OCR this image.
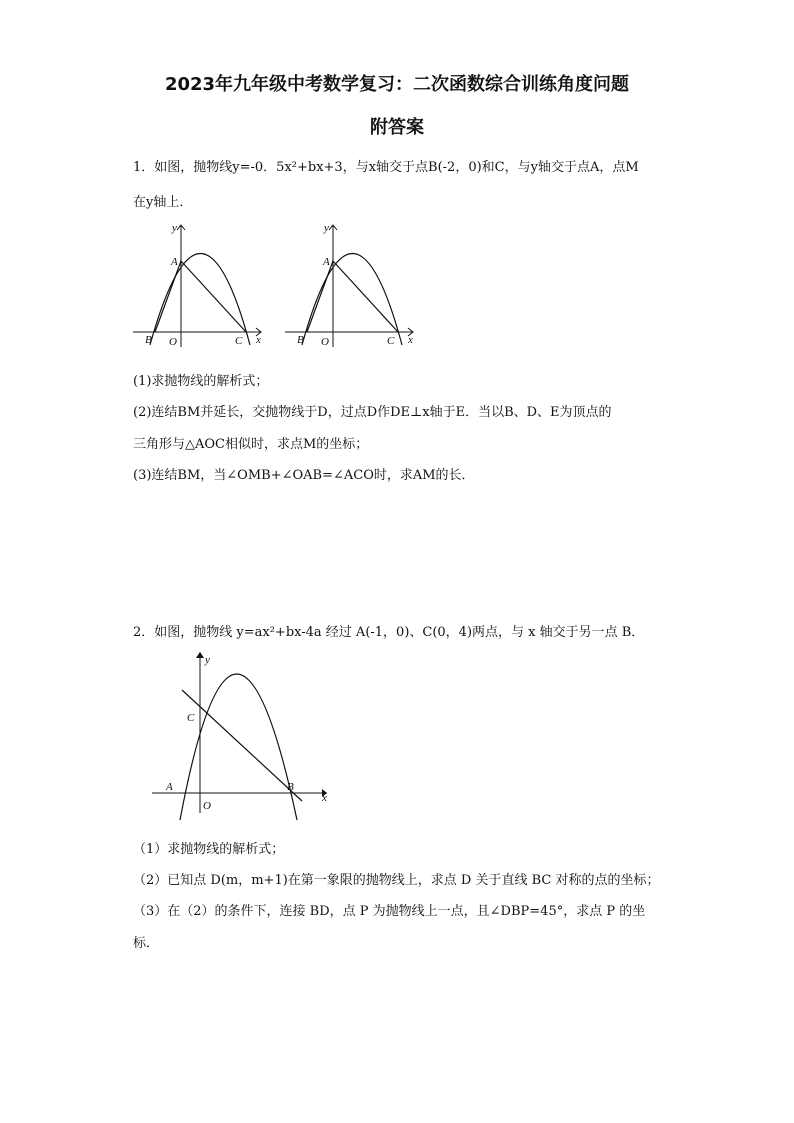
2023年九年级中考数学复习：二次函数综合训练角度问题
附答案
1．如图，抛物线y=-0．5x²+bx+3，与x轴交于点B(-2，0)和C，与y轴交于点A，点M
在y轴上．
y
A
B O	C x
y
A
B O	C x
(1)求抛物线的解析式；
(2)连结BM并延长，交抛物线于D，过点D作DE⊥x轴于E．当以B、D、E为顶点的
三角形与△AOC相似时，求点M的坐标；
(3)连结BM，当∠OMB+∠OAB=∠ACO时，求AM的长．
2．如图，抛物线 y=ax²+bx-4a 经过 A(-1，0)、C(0，4)两点，与 x 轴交于另一点 B．
y
C
A
O
B
x
（1）求抛物线的解析式；
（2）已知点 D(m，m+1)在第一象限的抛物线上，求点 D 关于直线 BC 对称的点的坐标；
（3）在（2）的条件下，连接 BD，点 P 为抛物线上一点，且∠DBP=45°，求点 P 的坐
标．
